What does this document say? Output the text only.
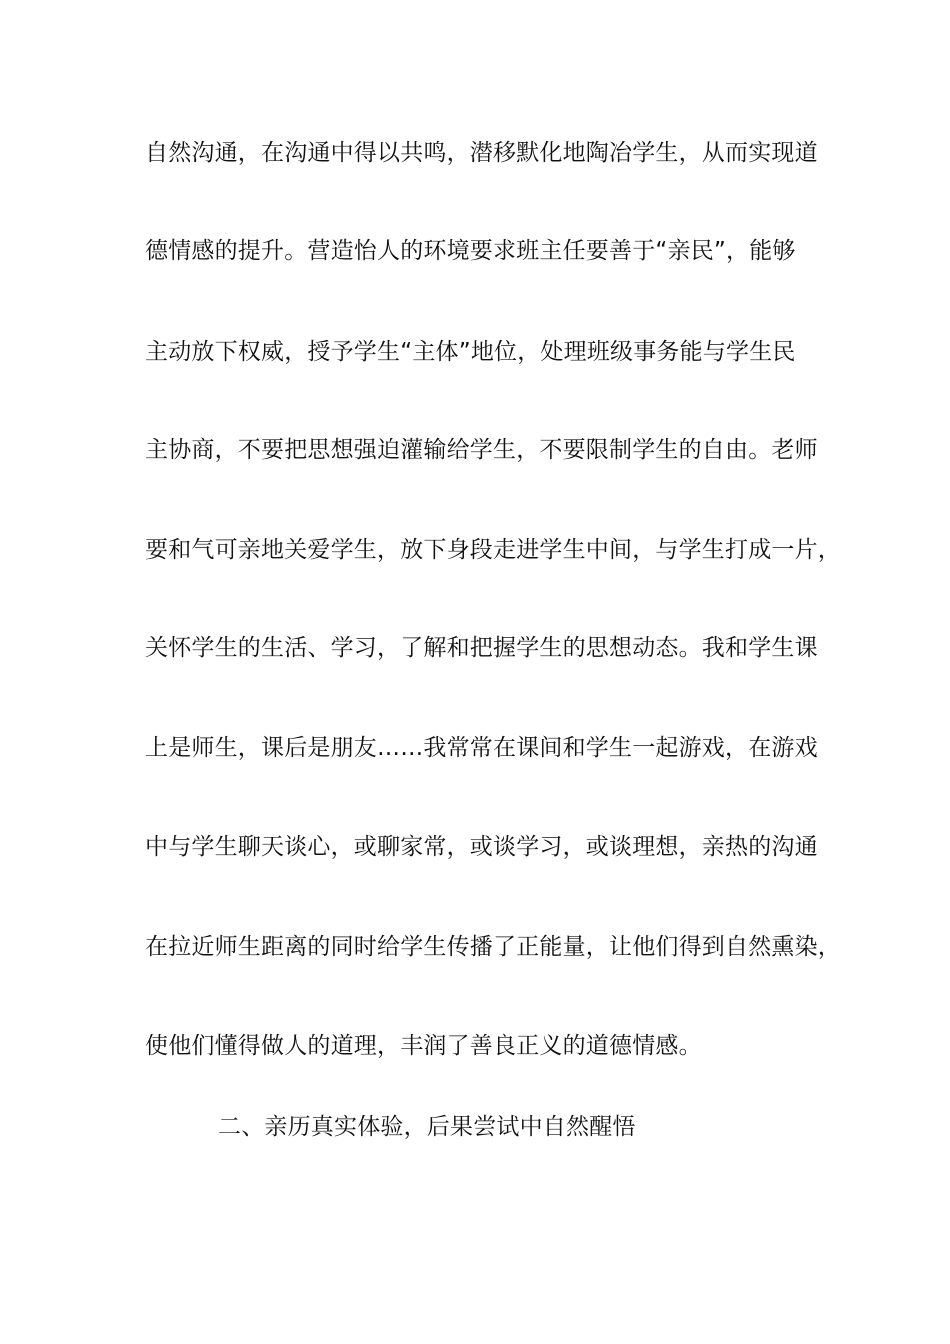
自然沟通，在沟通中得以共鸣，潜移默化地陶冶学生，从而实现道
德情感的提升。营造怡人的环境要求班主任要善于“亲民”，能够
主动放下权威，授予学生“主体”地位，处理班级事务能与学生民
主协商，不要把思想强迫灌输给学生，不要限制学生的自由。老师
要和气可亲地关爱学生，放下身段走进学生中间，与学生打成一片，
关怀学生的生活、学习，了解和把握学生的思想动态。我和学生课
上是师生，课后是朋友……我常常在课间和学生一起游戏，在游戏
中与学生聊天谈心，或聊家常，或谈学习，或谈理想，亲热的沟通
在拉近师生距离的同时给学生传播了正能量，让他们得到自然熏染，
使他们懂得做人的道理，丰润了善良正义的道德情感。
二、亲历真实体验，后果尝试中自然醒悟
